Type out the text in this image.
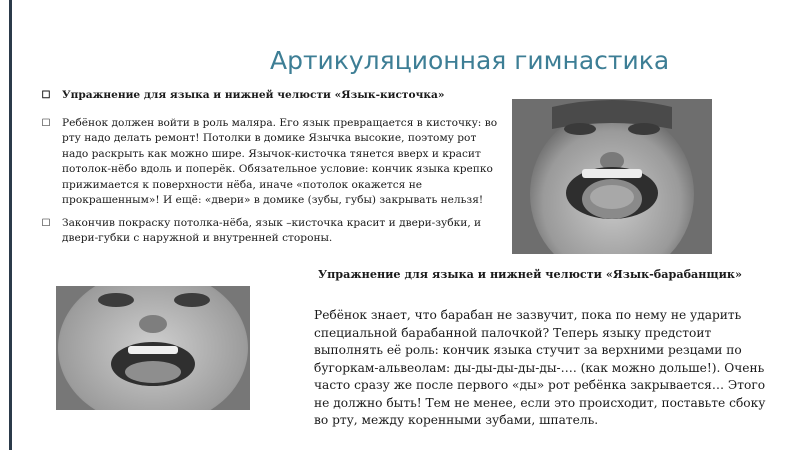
Артикуляционная гимнастика
☐ Упражнение для языка и нижней челюсти «Язык-кисточка»
☐ Ребёнок должен войти в роль маляра. Его язык превращается в кисточку: во рту надо делать ремонт! Потолки в домике Язычка высокие, поэтому рот надо раскрыть как можно шире. Язычок-кисточка тянется вверх и красит потолок-нёбо вдоль и поперёк. Обязательное условие: кончик языка крепко прижимается к поверхности нёба, иначе «потолок окажется не прокрашенным»! И ещё: «двери» в домике (зубы, губы) закрывать нельзя!
☐ Закончив покраску потолка-нёба, язык –кисточка красит и двери-зубки, и двери-губки с наружной и внутренней стороны.
Упражнение для языка и нижней челюсти «Язык-барабанщик»
Ребёнок знает, что барабан не зазвучит, пока по нему не ударить специальной барабанной палочкой? Теперь языку предстоит выполнять её роль: кончик языка стучит за верхними резцами по бугоркам-альвеолам: ды-ды-ды-ды-ды-…. (как можно дольше!). Очень часто сразу же после первого «ды» рот ребёнка закрывается… Этого не должно быть! Тем не менее, если это происходит, поставьте сбоку во рту, между коренными зубами, шпатель.
